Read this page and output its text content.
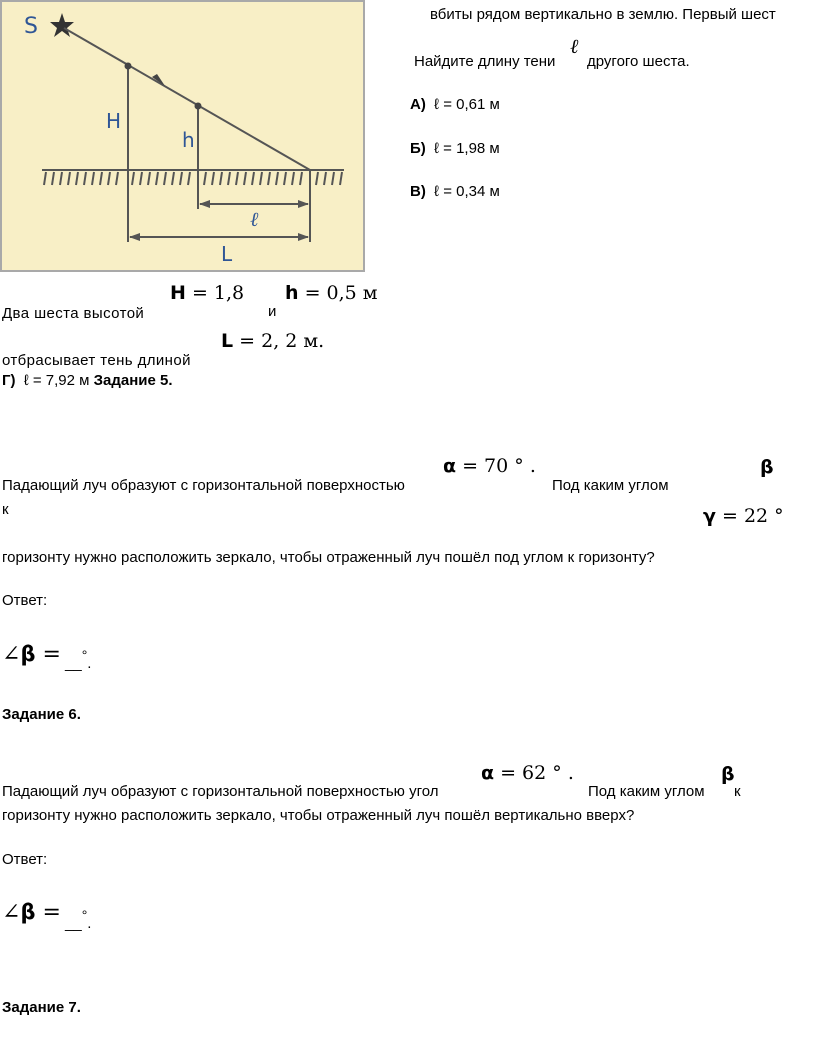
S
H
h
ℓ
L
вбиты рядом вертикально в землю. Первый шест
Найдите длину тени
ℓ
другого шеста.
А) ℓ = 0,61 м
Б) ℓ = 1,98 м
В) ℓ = 0,34 м
Два шеста высотой
H = 1,8 h = 0,5 м
и
отбрасывает тень длиной
L = 2, 2 м.
Г) ℓ = 7,92 м Задание 5.
Падающий луч образуют с горизонтальной поверхностью
α = 70 ° .
Под каким углом
β
к	γ = 22 °
горизонту нужно расположить зеркало, чтобы отраженный луч пошёл под углом к горизонту?
Ответ:
∠β = __°.
Задание 6.
Падающий луч образуют с горизонтальной поверхностью угол
α = 62 ° .
Под каким углом
β
к
горизонту нужно расположить зеркало, чтобы отраженный луч пошёл вертикально вверх?
Ответ:
∠β = __°.
Задание 7.
